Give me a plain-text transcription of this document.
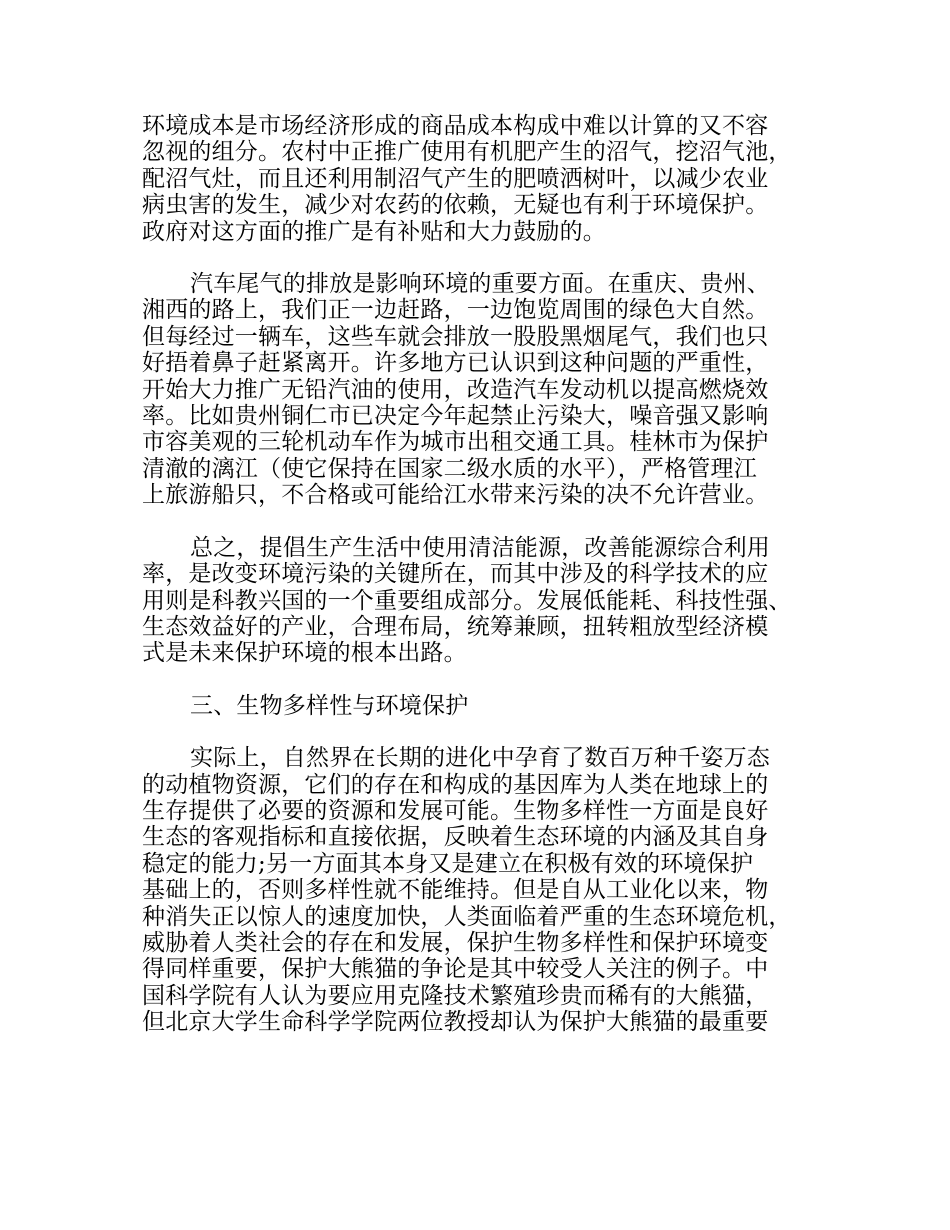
环境成本是市场经济形成的商品成本构成中难以计算的又不容
忽视的组分。农村中正推广使用有机肥产生的沼气，挖沼气池，
配沼气灶，而且还利用制沼气产生的肥喷洒树叶，以减少农业
病虫害的发生，减少对农药的依赖，无疑也有利于环境保护。
政府对这方面的推广是有补贴和大力鼓励的。
汽车尾气的排放是影响环境的重要方面。在重庆、贵州、
湘西的路上，我们正一边赶路，一边饱览周围的绿色大自然。
但每经过一辆车，这些车就会排放一股股黑烟尾气，我们也只
好捂着鼻子赶紧离开。许多地方已认识到这种问题的严重性，
开始大力推广无铅汽油的使用，改造汽车发动机以提高燃烧效
率。比如贵州铜仁市已决定今年起禁止污染大，噪音强又影响
市容美观的三轮机动车作为城市出租交通工具。桂林市为保护
清澈的漓江（使它保持在国家二级水质的水平），严格管理江
上旅游船只，不合格或可能给江水带来污染的决不允许营业。
总之，提倡生产生活中使用清洁能源，改善能源综合利用
率，是改变环境污染的关键所在，而其中涉及的科学技术的应
用则是科教兴国的一个重要组成部分。发展低能耗、科技性强、
生态效益好的产业，合理布局，统筹兼顾，扭转粗放型经济模
式是未来保护环境的根本出路。
三、生物多样性与环境保护
实际上，自然界在长期的进化中孕育了数百万种千姿万态
的动植物资源，它们的存在和构成的基因库为人类在地球上的
生存提供了必要的资源和发展可能。生物多样性一方面是良好
生态的客观指标和直接依据，反映着生态环境的内涵及其自身
稳定的能力;另一方面其本身又是建立在积极有效的环境保护
基础上的，否则多样性就不能维持。但是自从工业化以来，物
种消失正以惊人的速度加快，人类面临着严重的生态环境危机，
威胁着人类社会的存在和发展，保护生物多样性和保护环境变
得同样重要，保护大熊猫的争论是其中较受人关注的例子。中
国科学院有人认为要应用克隆技术繁殖珍贵而稀有的大熊猫，
但北京大学生命科学学院两位教授却认为保护大熊猫的最重要
